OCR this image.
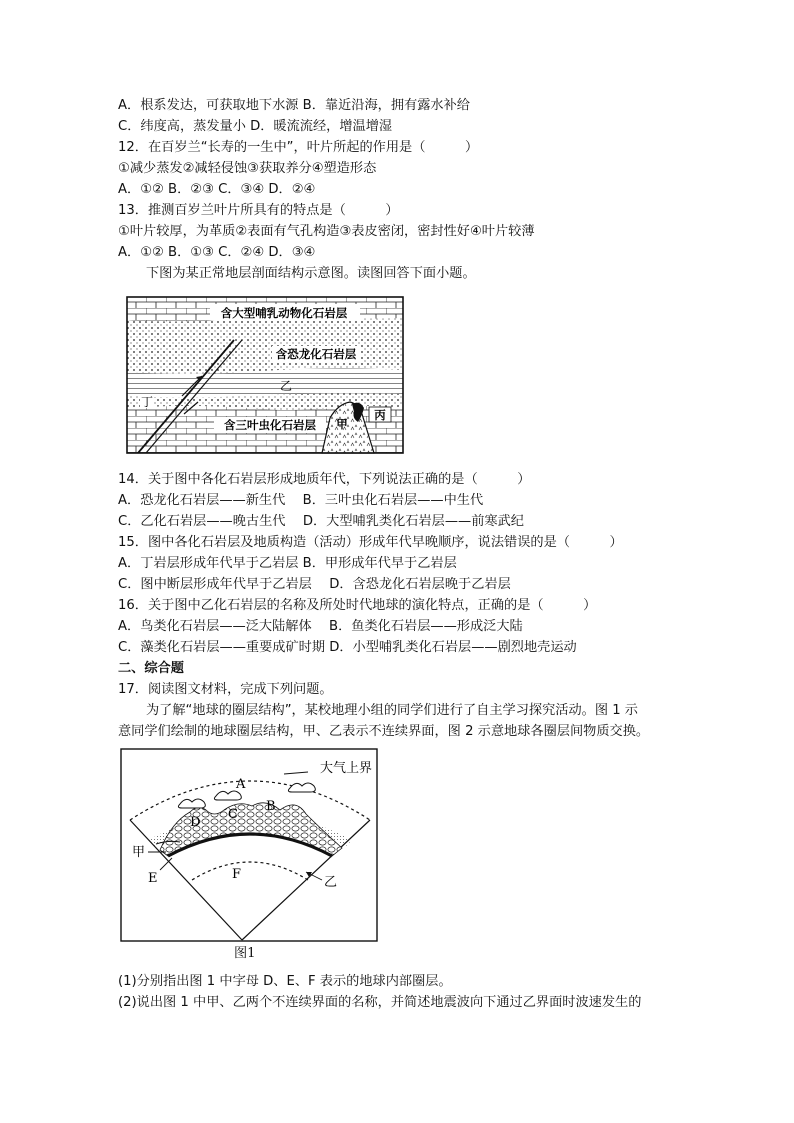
A．根系发达，可获取地下水源 B．靠近沿海，拥有露水补给
C．纬度高，蒸发量小 D．暖流流经，增温增湿
12．在百岁兰“长寿的一生中”，叶片所起的作用是（　　　）
①减少蒸发②减轻侵蚀③获取养分④塑造形态
A．①② B．②③ C．③④ D．②④
13．推测百岁兰叶片所具有的特点是（　　　）
①叶片较厚，为革质②表面有气孔构造③表皮密闭，密封性好④叶片较薄
A．①② B．①③ C．②④ D．③④
下图为某正常地层剖面结构示意图。读图回答下面小题。
含大型哺乳动物化石岩层
含恐龙化石岩层
乙
丁
丙
甲
含三叶虫化石岩层
14．关于图中各化石岩层形成地质年代，下列说法正确的是（　　　）
A．恐龙化石岩层——新生代　 B．三叶虫化石岩层——中生代
C．乙化石岩层——晚古生代　 D．大型哺乳类化石岩层——前寒武纪
15．图中各化石岩层及地质构造（活动）形成年代早晚顺序，说法错误的是（　　　）
A．丁岩层形成年代早于乙岩层 B．甲形成年代早于乙岩层
C．图中断层形成年代早于乙岩层　 D．含恐龙化石岩层晚于乙岩层
16．关于图中乙化石岩层的名称及所处时代地球的演化特点，正确的是（　　　）
A．鸟类化石岩层——泛大陆解体　 B．鱼类化石岩层——形成泛大陆
C．藻类化石岩层——重要成矿时期 D．小型哺乳类化石岩层——剧烈地壳运动
二、综合题
17．阅读图文材料，完成下列问题。
为了解“地球的圈层结构”，某校地理小组的同学们进行了自主学习探究活动。图 1 示
意同学们绘制的地球圈层结构，甲、乙表示不连续界面，图 2 示意地球各圈层间物质交换。
大气上界
A
B
C
D
甲
E	F
乙
图1
(1)分别指出图 1 中字母 D、E、F 表示的地球内部圈层。
(2)说出图 1 中甲、乙两个不连续界面的名称，并简述地震波向下通过乙界面时波速发生的
